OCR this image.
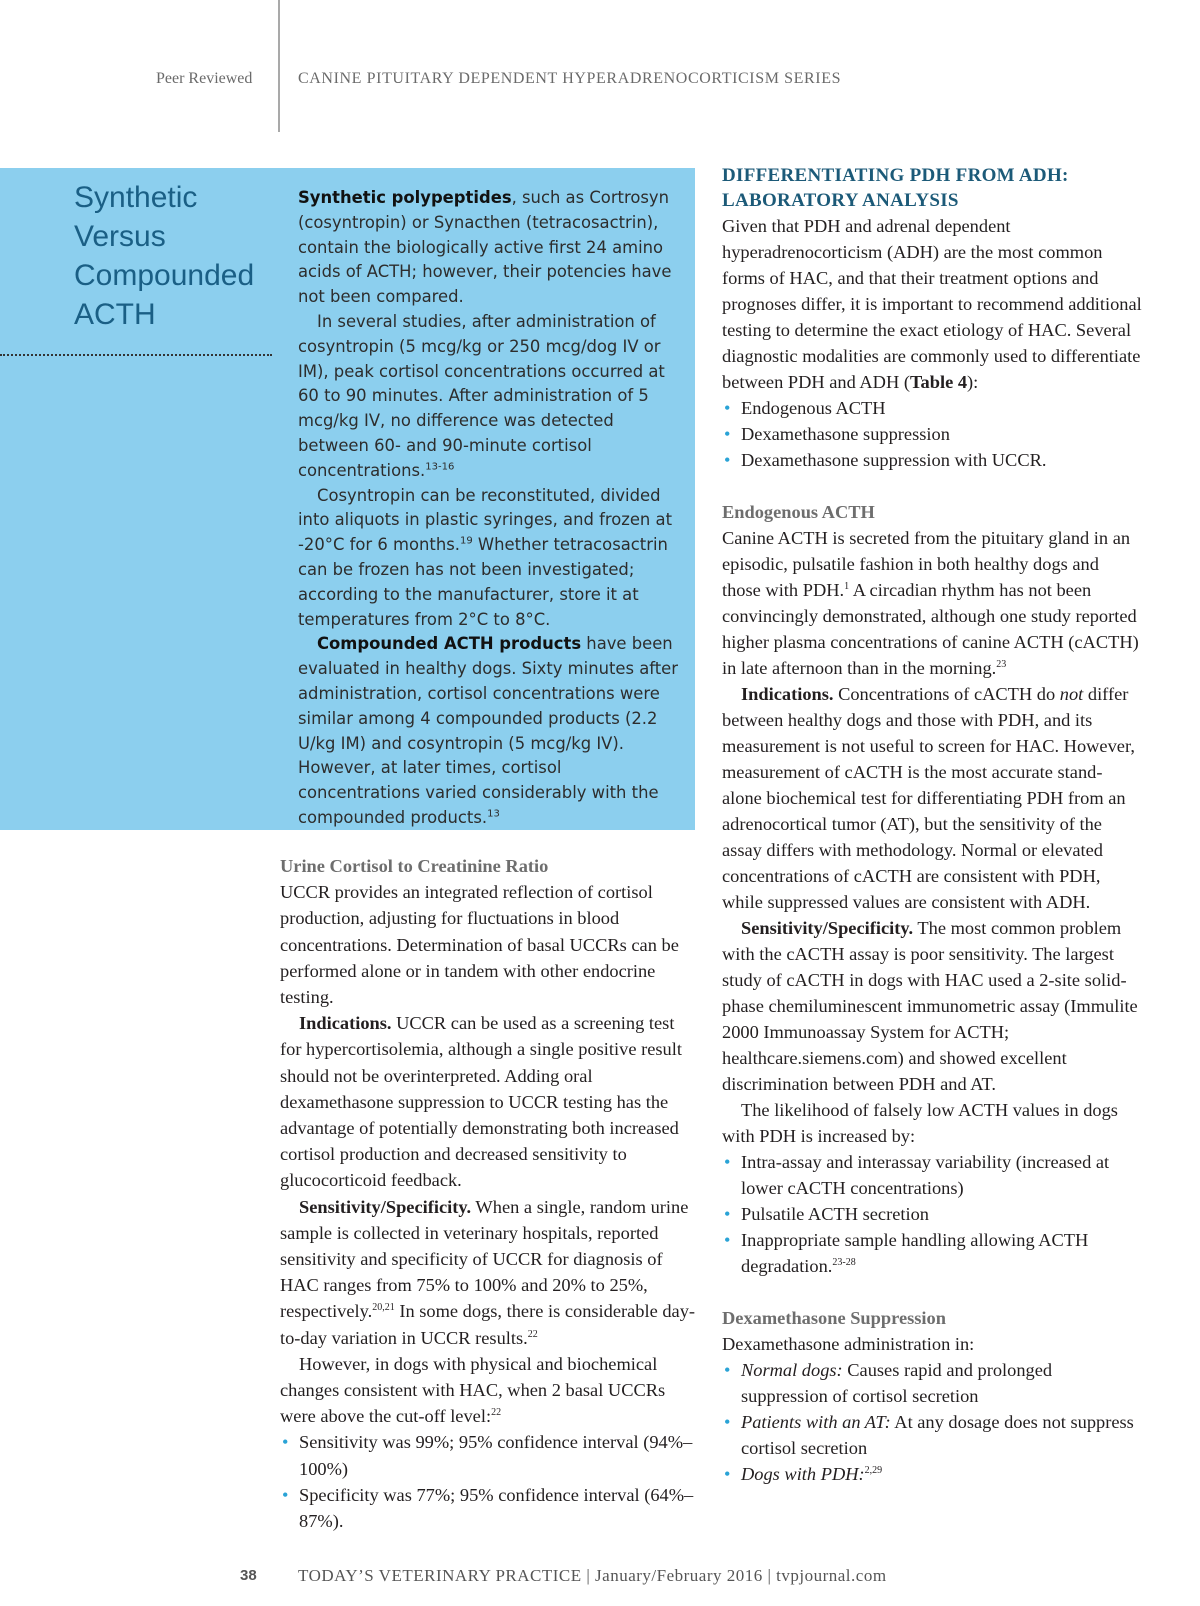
Peer Reviewed	CANINE PITUITARY DEPENDENT HYPERADRENOCORTICISM SERIES
Synthetic
Versus
Compounded
ACTH

Synthetic polypeptides, such as Cortrosyn (cosyntropin) or Synacthen (tetracosactrin), contain the biologically active first 24 amino acids of ACTH; however, their potencies have not been compared.

In several studies, after administration of cosyntropin (5 mcg/kg or 250 mcg/dog IV or IM), peak cortisol concentrations occurred at 60 to 90 minutes. After administration of 5 mcg/kg IV, no difference was detected between 60- and 90-minute cortisol concentrations.$^{13-16}$

Cosyntropin can be reconstituted, divided into aliquots in plastic syringes, and frozen at -20°C for 6 months.$^{19}$ Whether tetracosactrin can be frozen has not been investigated; according to the manufacturer, store it at temperatures from 2°C to 8°C.

Compounded ACTH products have been evaluated in healthy dogs. Sixty minutes after administration, cortisol concentrations were similar among 4 compounded products (2.2 U/kg IM) and cosyntropin (5 mcg/kg IV). However, at later times, cortisol concentrations varied considerably with the compounded products.$^{13}$

Urine Cortisol to Creatinine Ratio

UCCR provides an integrated reflection of cortisol production, adjusting for fluctuations in blood concentrations. Determination of basal UCCRs can be performed alone or in tandem with other endocrine testing.

Indications. UCCR can be used as a screening test for hypercortisolemia, although a single positive result should not be overinterpreted. Adding oral dexamethasone suppression to UCCR testing has the advantage of potentially demonstrating both increased cortisol production and decreased sensitivity to glucocorticoid feedback.

Sensitivity/Specificity. When a single, random urine sample is collected in veterinary hospitals, reported sensitivity and specificity of UCCR for diagnosis of HAC ranges from 75% to 100% and 20% to 25%, respectively.$^{20,21}$ In some dogs, there is considerable day-to-day variation in UCCR results.$^{22}$

However, in dogs with physical and biochemical changes consistent with HAC, when 2 basal UCCRs were above the cut-off level:$^{22}$

• Sensitivity was 99%; 95% confidence interval (94%–100%)
• Specificity was 77%; 95% confidence interval (64%–87%).
DIFFERENTIATING PDH FROM ADH:
LABORATORY ANALYSIS

Given that PDH and adrenal dependent hyperadrenocorticism (ADH) are the most common forms of HAC, and that their treatment options and prognoses differ, it is important to recommend additional testing to determine the exact etiology of HAC. Several diagnostic modalities are commonly used to differentiate between PDH and ADH (Table 4):

• Endogenous ACTH
• Dexamethasone suppression
• Dexamethasone suppression with UCCR.

Endogenous ACTH

Canine ACTH is secreted from the pituitary gland in an episodic, pulsatile fashion in both healthy dogs and those with PDH.$^1$ A circadian rhythm has not been convincingly demonstrated, although one study reported higher plasma concentrations of canine ACTH (cACTH) in late afternoon than in the morning.$^{23}$

Indications. Concentrations of cACTH do not differ between healthy dogs and those with PDH, and its measurement is not useful to screen for HAC. However, measurement of cACTH is the most accurate stand-alone biochemical test for differentiating PDH from an adrenocortical tumor (AT), but the sensitivity of the assay differs with methodology. Normal or elevated concentrations of cACTH are consistent with PDH, while suppressed values are consistent with ADH.

Sensitivity/Specificity. The most common problem with the cACTH assay is poor sensitivity. The largest study of cACTH in dogs with HAC used a 2-site solid-phase chemiluminescent immunometric assay (Immulite 2000 Immunoassay System for ACTH; healthcare.siemens.com) and showed excellent discrimination between PDH and AT.

The likelihood of falsely low ACTH values in dogs with PDH is increased by:

• Intra-assay and interassay variability (increased at lower cACTH concentrations)
• Pulsatile ACTH secretion
• Inappropriate sample handling allowing ACTH degradation.$^{23-28}$

Dexamethasone Suppression

Dexamethasone administration in:

• Normal dogs: Causes rapid and prolonged suppression of cortisol secretion
• Patients with an AT: At any dosage does not suppress cortisol secretion
• Dogs with PDH:$^{2,29}$
38 TODAY’S VETERINARY PRACTICE | January/February 2016 | tvpjournal.com
